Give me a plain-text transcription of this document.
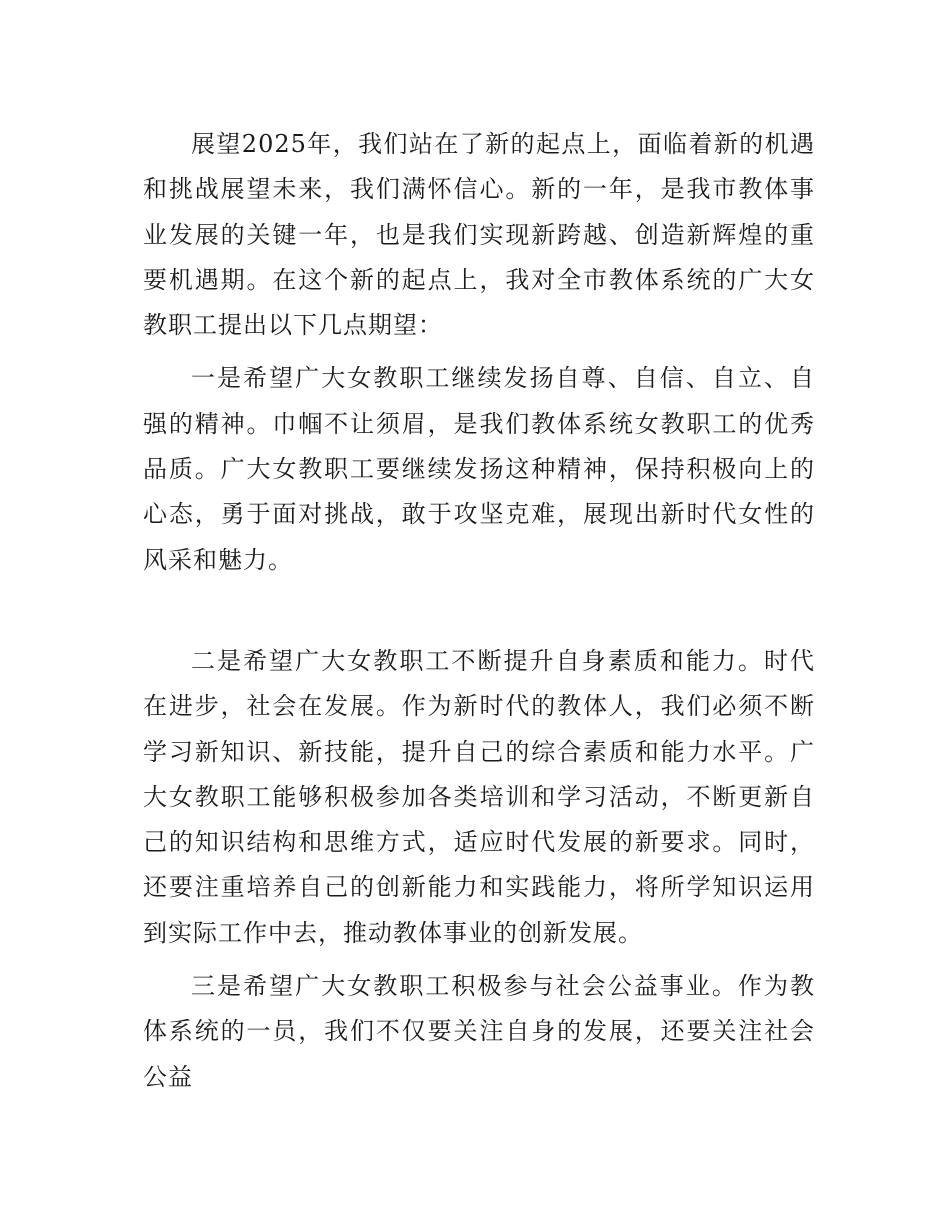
展望2025年，我们站在了新的起点上，面临着新的机遇和挑战展望未来，我们满怀信心。新的一年，是我市教体事业发展的关键一年，也是我们实现新跨越、创造新辉煌的重要机遇期。在这个新的起点上，我对全市教体系统的广大女教职工提出以下几点期望：

一是希望广大女教职工继续发扬自尊、自信、自立、自强的精神。巾帼不让须眉，是我们教体系统女教职工的优秀品质。广大女教职工要继续发扬这种精神，保持积极向上的心态，勇于面对挑战，敢于攻坚克难，展现出新时代女性的风采和魅力。

二是希望广大女教职工不断提升自身素质和能力。时代在进步，社会在发展。作为新时代的教体人，我们必须不断学习新知识、新技能，提升自己的综合素质和能力水平。广大女教职工能够积极参加各类培训和学习活动，不断更新自己的知识结构和思维方式，适应时代发展的新要求。同时，还要注重培养自己的创新能力和实践能力，将所学知识运用到实际工作中去，推动教体事业的创新发展。

三是希望广大女教职工积极参与社会公益事业。作为教体系统的一员，我们不仅要关注自身的发展，还要关注社会公益
